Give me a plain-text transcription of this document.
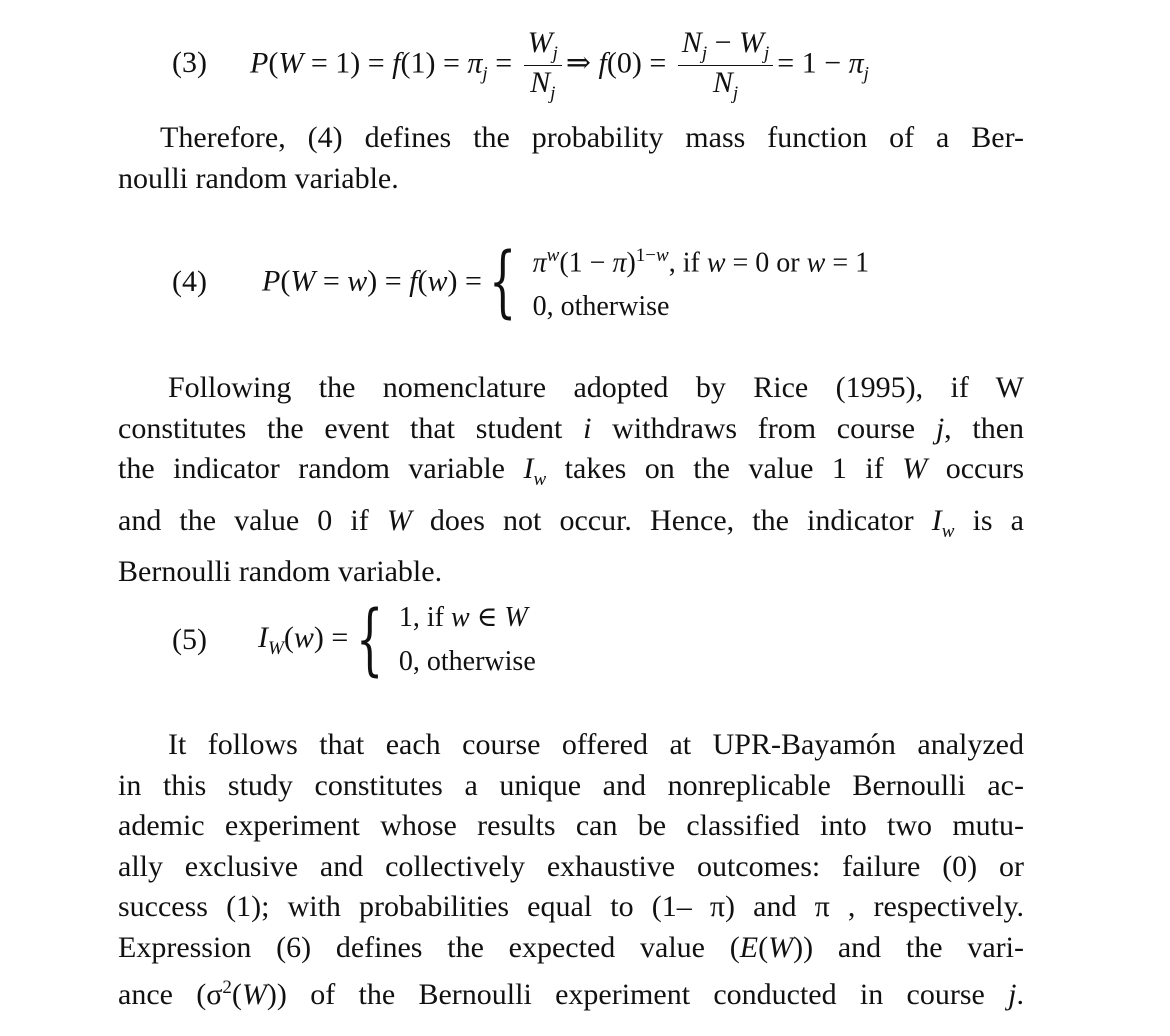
(3) $P(W = 1) = f(1) = \pi_j = \frac{W_j}{N_j}$ ⇒ $f(0) = \frac{N_j - W_j}{N_j} = 1 - \pi_j$
Therefore, (4) defines the probability mass function of a Ber-
noulli random variable.
(4) P(W = w) = f(w) = { $\pi^w(1 - \pi)^{1-w}$, if w = 0 or w = 1
0, otherwise
Following the nomenclature adopted by Rice (1995), if W
constitutes the event that student i withdraws from course j, then
the indicator random variable $I_w$ takes on the value 1 if W occurs
and the value 0 if W does not occur. Hence, the indicator $I_w$ is a
Bernoulli random variable.
(5) $I_W(w)$ = { 1, if w ∈ W
0, otherwise
It follows that each course offered at UPR-Bayamón analyzed
in this study constitutes a unique and nonreplicable Bernoulli ac-
ademic experiment whose results can be classified into two mutu-
ally exclusive and collectively exhaustive outcomes: failure (0) or
success (1); with probabilities equal to (1– π) and π , respectively.
Expression (6) defines the expected value (E(W)) and the vari-
ance $(\sigma^2(W))$ of the Bernoulli experiment conducted in course j.
